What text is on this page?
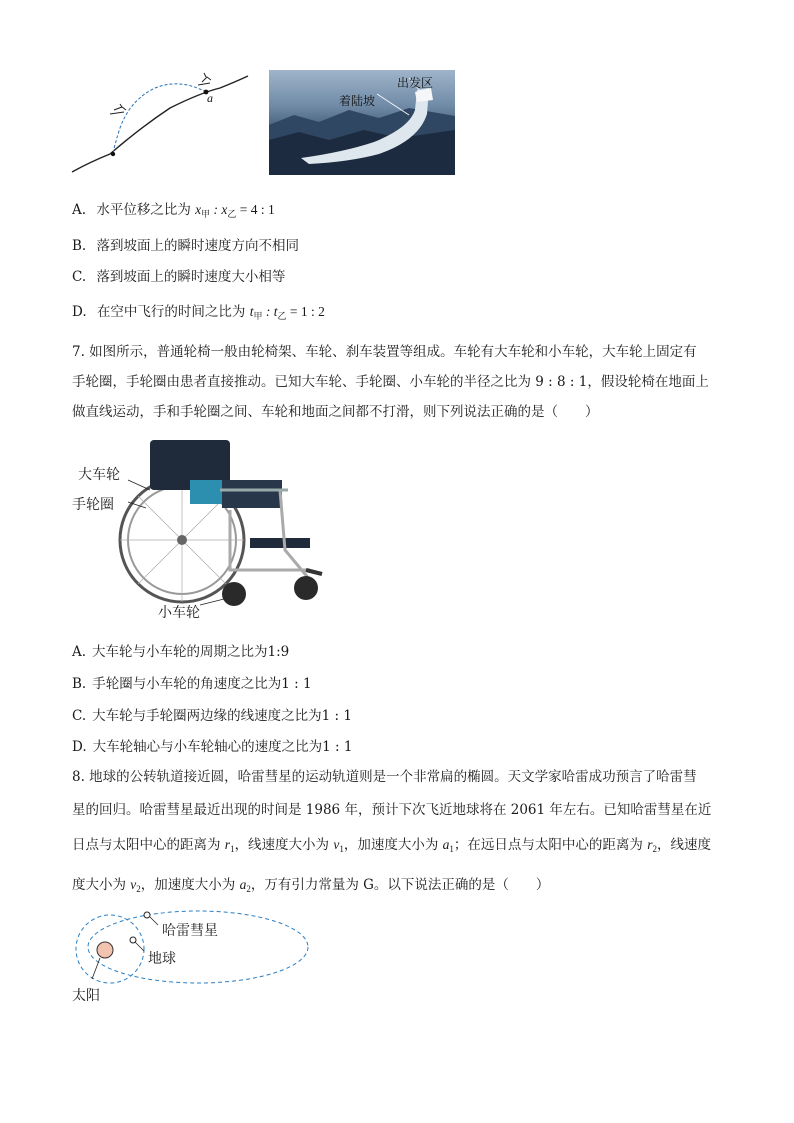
a
出发区
着陆坡
A. 水平位移之比为 $x_甲$ : $x_乙 = 4$ : 1
B. 落到坡面上的瞬时速度方向不相同
C. 落到坡面上的瞬时速度大小相等
D. 在空中飞行的时间之比为 $t_甲$ : $t_乙 = 1$ : 2
7. 如图所示，普通轮椅一般由轮椅架、车轮、刹车装置等组成。车轮有大车轮和小车轮，大车轮上固定有
手轮圈，手轮圈由患者直接推动。已知大车轮、手轮圈、小车轮的半径之比为 9 : 8 : 1，假设轮椅在地面上
做直线运动，手和手轮圈之间、车轮和地面之间都不打滑，则下列说法正确的是（　　）
大车轮
手轮圈
小车轮
A. 大车轮与小车轮的周期之比为1:9
B. 手轮圈与小车轮的角速度之比为1 : 1
C. 大车轮与手轮圈两边缘的线速度之比为1 : 1
D. 大车轮轴心与小车轮轴心的速度之比为1 : 1
8. 地球的公转轨道接近圆，哈雷彗星的运动轨道则是一个非常扁的椭圆。天文学家哈雷成功预言了哈雷彗
星的回归。哈雷彗星最近出现的时间是 1986 年，预计下次飞近地球将在 2061 年左右。已知哈雷彗星在近
日点与太阳中心的距离为 $r_1$，线速度大小为 $v_1$，加速度大小为 $a_1$；在远日点与太阳中心的距离为 $r_2$，线速度
度大小为 $v_2$，加速度大小为 $a_2$，万有引力常量为 G。以下说法正确的是（　　）
哈雷彗星
地球
太阳
